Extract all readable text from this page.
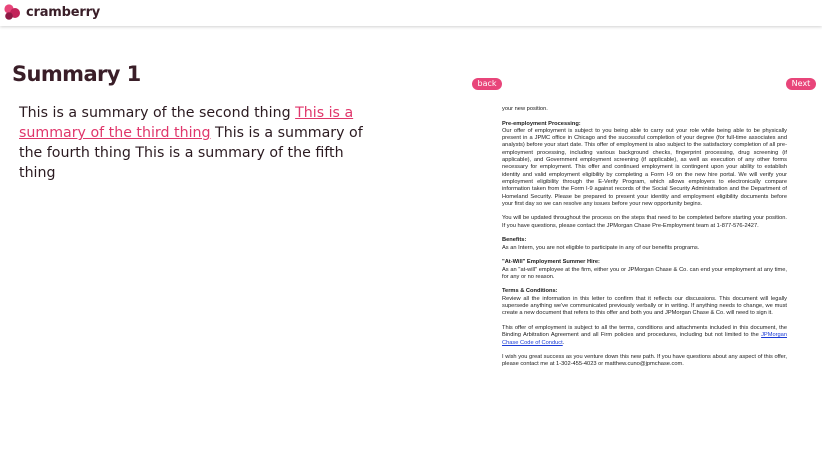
cramberry
Summary 1
This is a summary of the second thing This is a summary of the third thing This is a summary of the fourth thing This is a summary of the fifth thing
back	Next

your new position.

Pre-employment Processing:
Our offer of employment is subject to you being able to carry out your role while being able to be physically present in a JPMC office in Chicago and the successful completion of your degree (for full-time associates and analysts) before your start date. This offer of employment is also subject to the satisfactory completion of all pre-employment processing, including various background checks, fingerprint processing, drug screening (if applicable), and Government employment screening (if applicable), as well as execution of any other forms necessary for employment. This offer and continued employment is contingent upon your ability to establish identity and valid employment eligibility by completing a Form I-9 on the new hire portal. We will verify your employment eligibility through the E-Verify Program, which allows employers to electronically compare information taken from the Form I-9 against records of the Social Security Administration and the Department of Homeland Security. Please be prepared to present your identity and employment eligibility documents before your first day so we can resolve any issues before your new opportunity begins.

You will be updated throughout the process on the steps that need to be completed before starting your position. If you have questions, please contact the JPMorgan Chase Pre-Employment team at 1-877-576-2427.

Benefits:
As an Intern, you are not eligible to participate in any of our benefits programs.

"At-Will" Employment Summer Hire:
As an "at-will" employee at the firm, either you or JPMorgan Chase & Co. can end your employment at any time, for any or no reason.

Terms & Conditions:
Review all the information in this letter to confirm that it reflects our discussions. This document will legally supersede anything we've communicated previously verbally or in writing. If anything needs to change, we must create a new document that refers to this offer and both you and JPMorgan Chase & Co. will need to sign it.

This offer of employment is subject to all the terms, conditions and attachments included in this document, the Binding Arbitration Agreement and all Firm policies and procedures, including but not limited to the JPMorgan Chase Code of Conduct.

I wish you great success as you venture down this new path. If you have questions about any aspect of this offer, please contact me at 1-302-455-4023 or matthew.cuno@jpmchase.com.
